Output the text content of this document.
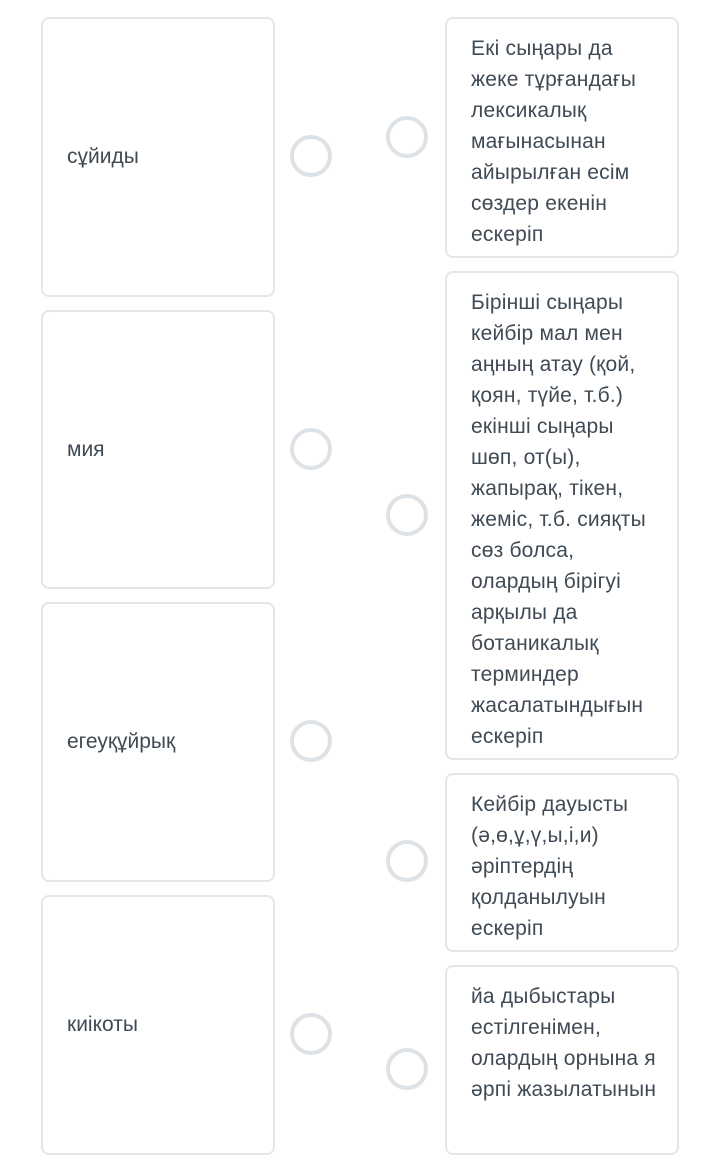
сұйиды
мия
егеуқұйрық
киікоты
Екі сыңары да жеке тұрғандағы лексикалық мағынасынан айырылған есім сөздер екенін ескеріп
Бірінші сыңары кейбір мал мен аңның атау (қой, қоян, түйе, т.б.) екінші сыңары шөп, от(ы), жапырақ, тікен, жеміс, т.б. сияқты сөз болса, олардың бірігуі арқылы да ботаникалық терминдер жасалатындығын ескеріп
Кейбір дауысты (ә,ө,ұ,ү,ы,і,и) әріптердің қолданылуын ескеріп
йа дыбыстары естілгенімен, олардың орнына я әрпі жазылатынын
